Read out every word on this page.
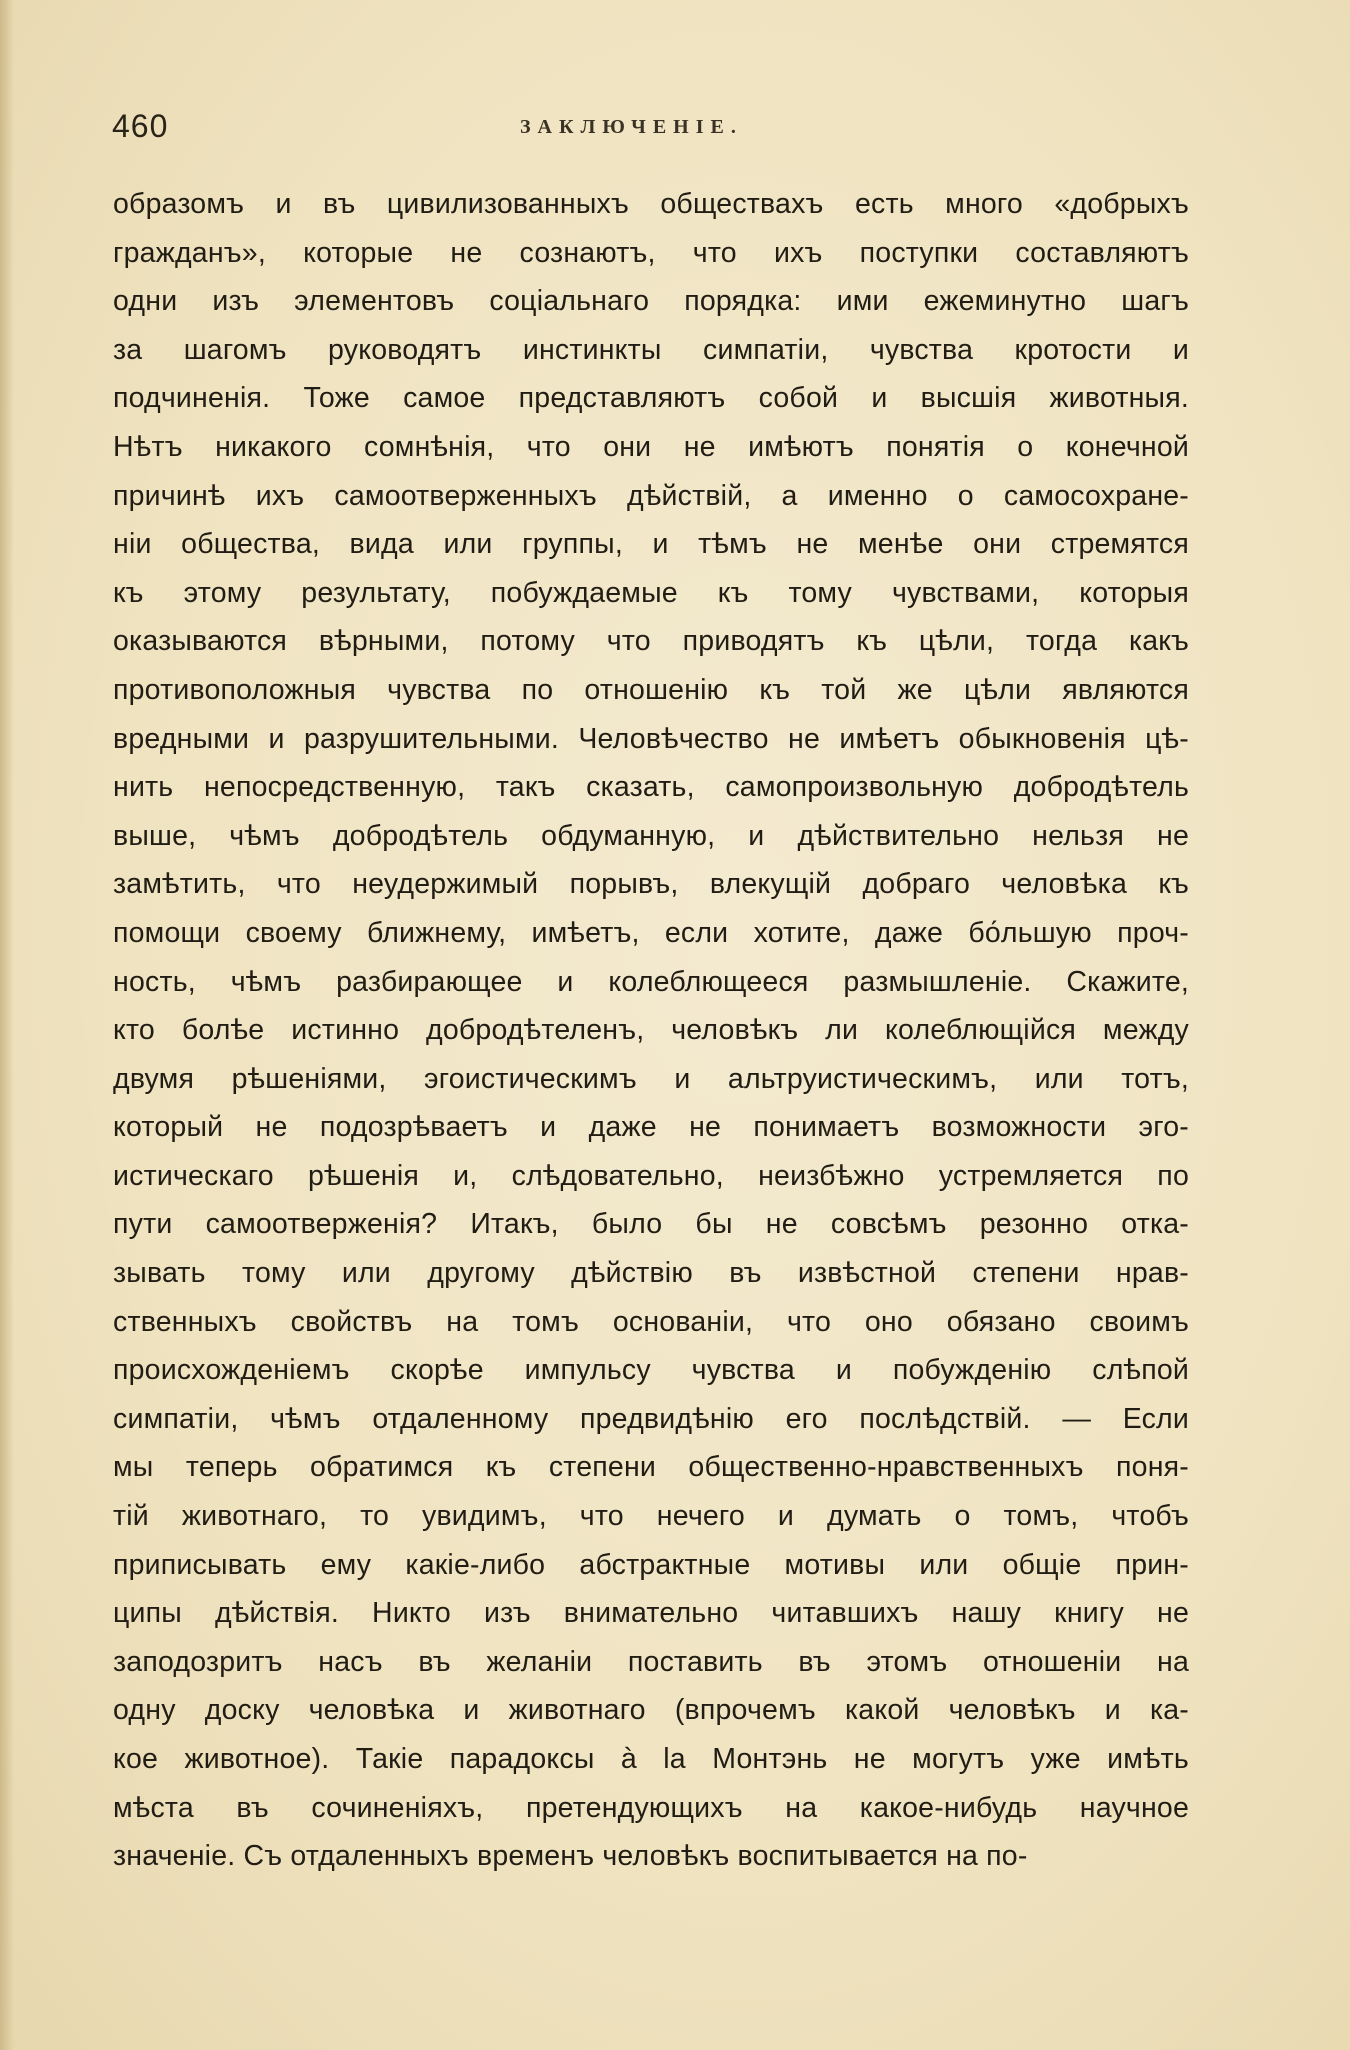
460	ЗАКЛЮЧЕНІЕ.
образомъ и въ цивилизованныхъ обществахъ есть много «добрыхъ
гражданъ», которые не сознаютъ, что ихъ поступки составляютъ
одни изъ элементовъ соціальнаго порядка: ими ежеминутно шагъ
за шагомъ руководятъ инстинкты симпатіи, чувства кротости и
подчиненія. Тоже самое представляютъ собой и высшія животныя.
Нѣтъ никакого сомнѣнія, что они не имѣютъ понятія о конечной
причинѣ ихъ самоотверженныхъ дѣйствій, а именно о самосохране-
ніи общества, вида или группы, и тѣмъ не менѣе они стремятся
къ этому результату, побуждаемые къ тому чувствами, которыя
оказываются вѣрными, потому что приводятъ къ цѣли, тогда какъ
противоположныя чувства по отношенію къ той же цѣли являются
вредными и разрушительными. Человѣчество не имѣетъ обыкновенія цѣ-
нить непосредственную, такъ сказать, самопроизвольную добродѣтель
выше, чѣмъ добродѣтель обдуманную, и дѣйствительно нельзя не
замѣтить, что неудержимый порывъ, влекущій добраго человѣка къ
помощи своему ближнему, имѣетъ, если хотите, даже бо́льшую проч-
ность, чѣмъ разбирающее и колеблющееся размышленіе. Скажите,
кто болѣе истинно добродѣтеленъ, человѣкъ ли колеблющійся между
двумя рѣшеніями, эгоистическимъ и альтруистическимъ, или тотъ,
который не подозрѣваетъ и даже не понимаетъ возможности эго-
истическаго рѣшенія и, слѣдовательно, неизбѣжно устремляется по
пути самоотверженія? Итакъ, было бы не совсѣмъ резонно отка-
зывать тому или другому дѣйствію въ извѣстной степени нрав-
ственныхъ свойствъ на томъ основаніи, что оно обязано своимъ
происхожденіемъ скорѣе импульсу чувства и побужденію слѣпой
симпатіи, чѣмъ отдаленному предвидѣнію его послѣдствій. — Если
мы теперь обратимся къ степени общественно-нравственныхъ поня-
тій животнаго, то увидимъ, что нечего и думать о томъ, чтобъ
приписывать ему какіе-либо абстрактные мотивы или общіе прин-
ципы дѣйствія. Никто изъ внимательно читавшихъ нашу книгу не
заподозритъ насъ въ желаніи поставить въ этомъ отношеніи на
одну доску человѣка и животнаго (впрочемъ какой человѣкъ и ка-
кое животное). Такіе парадоксы à la Монтэнь не могутъ уже имѣть
мѣста въ сочиненіяхъ, претендующихъ на какое-нибудь научное
значеніе. Съ отдаленныхъ временъ человѣкъ воспитывается на по-
